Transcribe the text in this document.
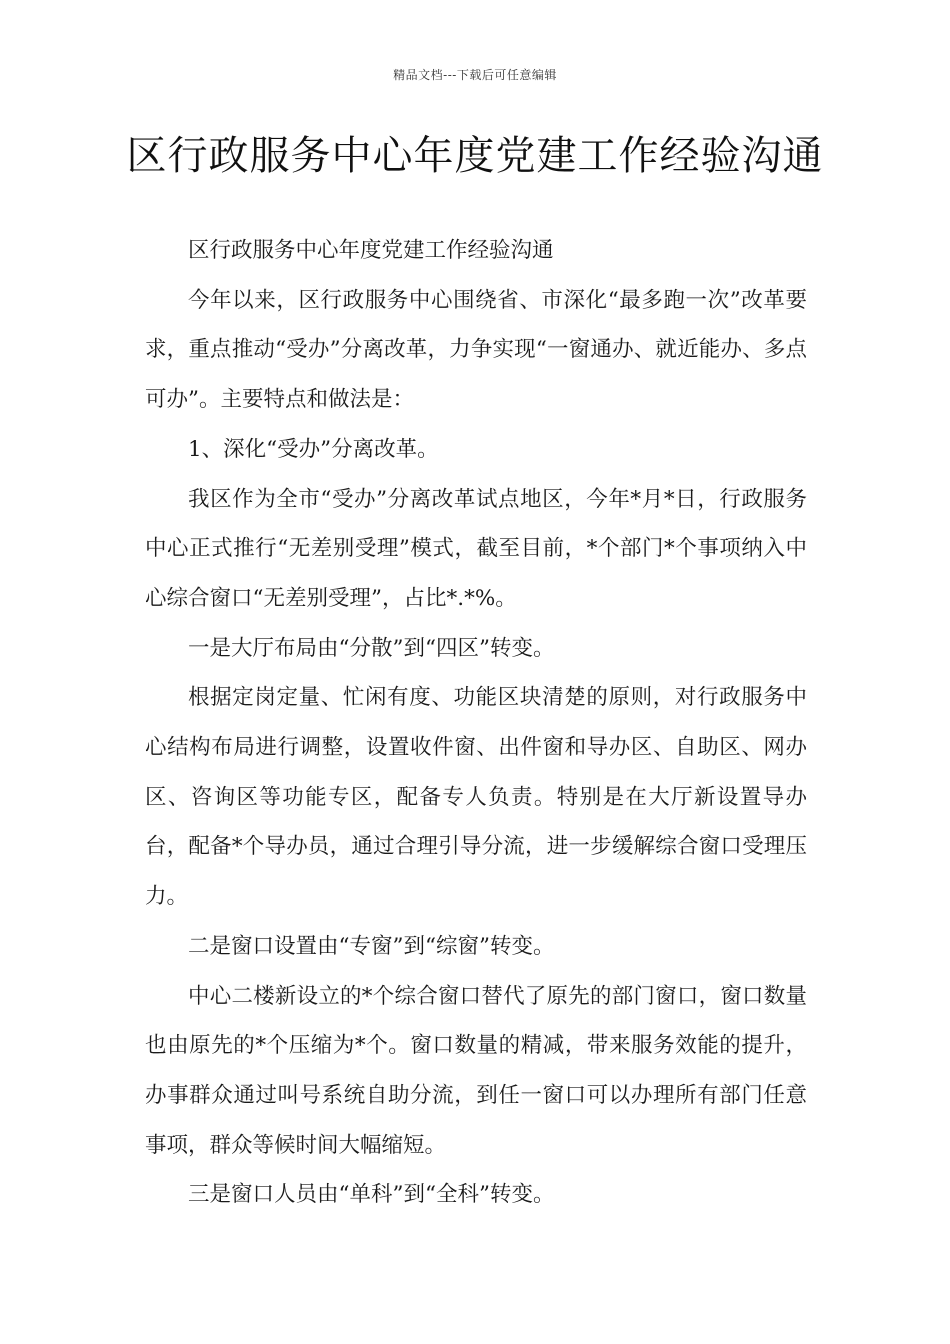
精品文档---下载后可任意编辑
区行政服务中心年度党建工作经验沟通

区行政服务中心年度党建工作经验沟通

今年以来，区行政服务中心围绕省、市深化“最多跑一次”改革要求，重点推动“受办”分离改革，力争实现“一窗通办、就近能办、多点可办”。主要特点和做法是：

1、深化“受办”分离改革。

我区作为全市“受办”分离改革试点地区，今年*月*日，行政服务中心正式推行“无差别受理”模式，截至目前，*个部门*个事项纳入中心综合窗口“无差别受理”，占比*.*%。

一是大厅布局由“分散”到“四区”转变。

根据定岗定量、忙闲有度、功能区块清楚的原则，对行政服务中心结构布局进行调整，设置收件窗、出件窗和导办区、自助区、网办区、咨询区等功能专区，配备专人负责。特别是在大厅新设置导办台，配备*个导办员，通过合理引导分流，进一步缓解综合窗口受理压力。

二是窗口设置由“专窗”到“综窗”转变。

中心二楼新设立的*个综合窗口替代了原先的部门窗口，窗口数量也由原先的*个压缩为*个。窗口数量的精减，带来服务效能的提升，办事群众通过叫号系统自助分流，到任一窗口可以办理所有部门任意事项，群众等候时间大幅缩短。

三是窗口人员由“单科”到“全科”转变。
